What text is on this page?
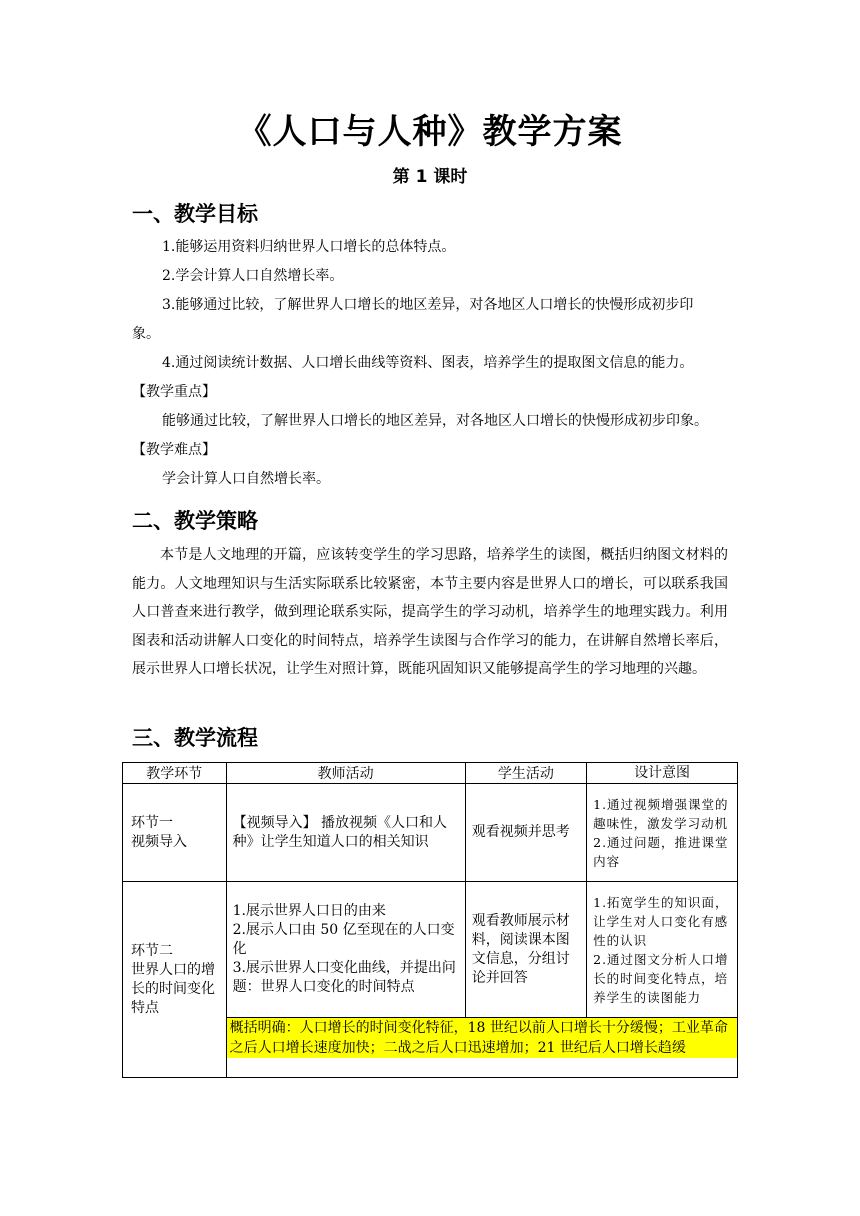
《人口与人种》教学方案
第 1 课时
一、教学目标
1.能够运用资料归纳世界人口增长的总体特点。
2.学会计算人口自然增长率。
3.能够通过比较，了解世界人口增长的地区差异，对各地区人口增长的快慢形成初步印
象。
4.通过阅读统计数据、人口增长曲线等资料、图表，培养学生的提取图文信息的能力。
【教学重点】
能够通过比较，了解世界人口增长的地区差异，对各地区人口增长的快慢形成初步印象。
【教学难点】
学会计算人口自然增长率。
二、教学策略
本节是人文地理的开篇，应该转变学生的学习思路，培养学生的读图，概括归纳图文材料的能力。人文地理知识与生活实际联系比较紧密，本节主要内容是世界人口的增长，可以联系我国人口普查来进行教学，做到理论联系实际，提高学生的学习动机，培养学生的地理实践力。利用图表和活动讲解人口变化的时间特点，培养学生读图与合作学习的能力，在讲解自然增长率后，展示世界人口增长状况，让学生对照计算，既能巩固知识又能够提高学生的学习地理的兴趣。
三、教学流程
教学环节	教师活动	学生活动	设计意图
环节一
视频导入	【视频导入】 播放视频《人口和人种》让学生知道人口的相关知识	观看视频并思考	1.通过视频增强课堂的趣味性，激发学习动机
2.通过问题，推进课堂内容
环节二
世界人口的增长的时间变化特点	1.展示世界人口日的由来
2.展示人口由 50 亿至现在的人口变化
3.展示世界人口变化曲线，并提出问题：世界人口变化的时间特点	观看教师展示材料，阅读课本图文信息，分组讨论并回答	1.拓宽学生的知识面，让学生对人口变化有感性的认识
2.通过图文分析人口增长的时间变化特点，培养学生的读图能力

	概括明确：人口增长的时间变化特征，18 世纪以前人口增长十分缓慢；工业革命之后人口增长速度加快；二战之后人口迅速增加；21 世纪后人口增长趋缓		
